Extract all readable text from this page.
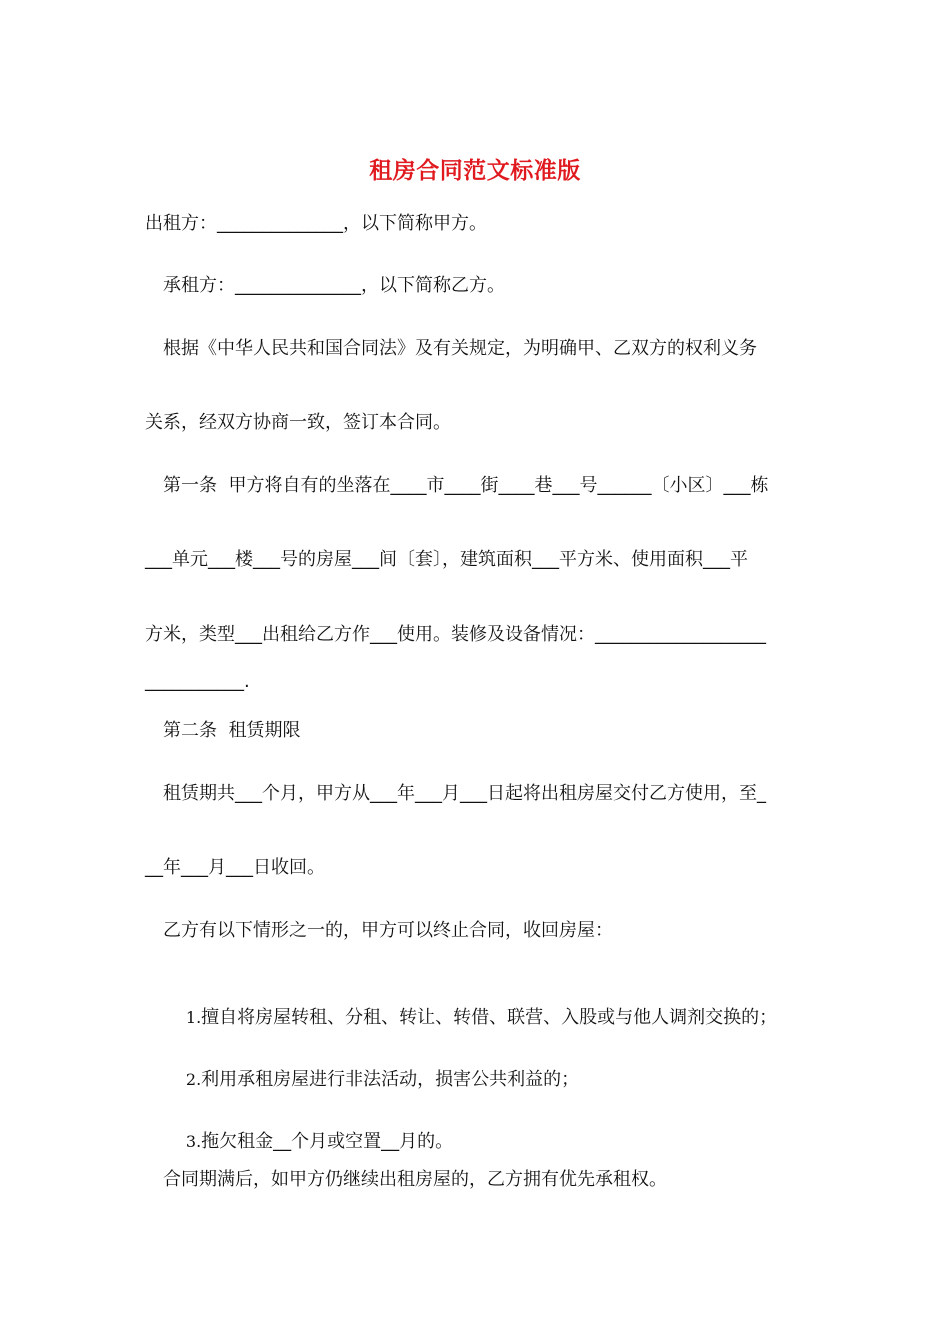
租房合同范文标准版
出租方：______________，以下简称甲方。
承租方：______________，以下简称乙方。
根据《中华人民共和国合同法》及有关规定，为明确甲、乙双方的权利义务
关系，经双方协商一致，签订本合同。
第一条  甲方将自有的坐落在____市____街____巷___号______〔小区〕___栋
___单元___楼___号的房屋___间〔套〕，建筑面积___平方米、使用面积___平
方米，类型___出租给乙方作___使用。装修及设备情况：___________________
___________.
第二条  租赁期限
租赁期共___个月，甲方从___年___月___日起将出租房屋交付乙方使用，至_
__年___月___日收回。
乙方有以下情形之一的，甲方可以终止合同，收回房屋：

1.擅自将房屋转租、分租、转让、转借、联营、入股或与他人调剂交换的；

2.利用承租房屋进行非法活动，损害公共利益的；

3.拖欠租金__个月或空置__月的。

合同期满后，如甲方仍继续出租房屋的，乙方拥有优先承租权。
